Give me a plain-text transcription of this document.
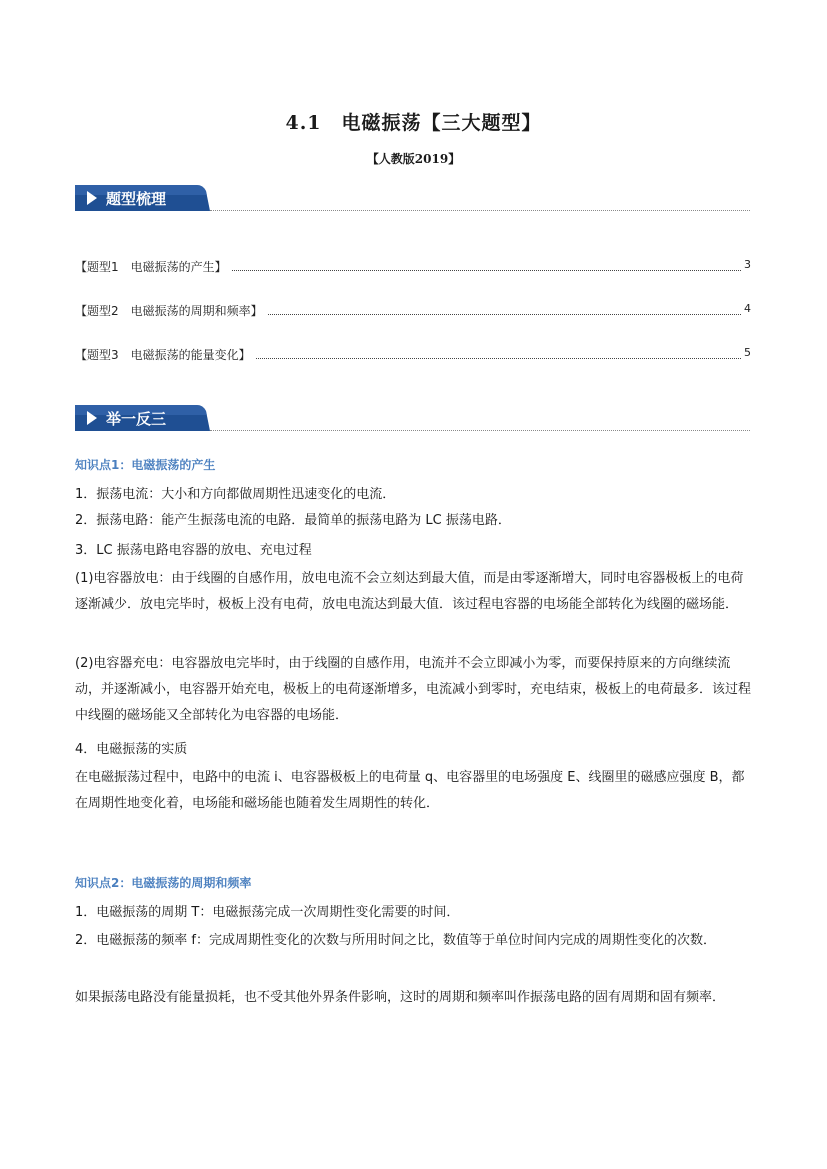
4.1　电磁振荡【三大题型】
【人教版2019】
题型梳理
【题型1　电磁振荡的产生】	3
【题型2　电磁振荡的周期和频率】	4
【题型3　电磁振荡的能量变化】	5
举一反三
知识点1：电磁振荡的产生

1．振荡电流：大小和方向都做周期性迅速变化的电流．

2．振荡电路：能产生振荡电流的电路．最简单的振荡电路为 LC 振荡电路．

3．LC 振荡电路电容器的放电、充电过程

(1)电容器放电：由于线圈的自感作用，放电电流不会立刻达到最大值，而是由零逐渐增大，同时电容器极板上的电荷逐渐减少．放电完毕时，极板上没有电荷，放电电流达到最大值．该过程电容器的电场能全部转化为线圈的磁场能．

(2)电容器充电：电容器放电完毕时，由于线圈的自感作用，电流并不会立即减小为零，而要保持原来的方向继续流动，并逐渐减小，电容器开始充电，极板上的电荷逐渐增多，电流减小到零时，充电结束，极板上的电荷最多．该过程中线圈的磁场能又全部转化为电容器的电场能．

4．电磁振荡的实质

在电磁振荡过程中，电路中的电流 i、电容器极板上的电荷量 q、电容器里的电场强度 E、线圈里的磁感应强度 B，都在周期性地变化着，电场能和磁场能也随着发生周期性的转化．

知识点2：电磁振荡的周期和频率

1．电磁振荡的周期 T：电磁振荡完成一次周期性变化需要的时间．

2．电磁振荡的频率 f：完成周期性变化的次数与所用时间之比，数值等于单位时间内完成的周期性变化的次数．

如果振荡电路没有能量损耗，也不受其他外界条件影响，这时的周期和频率叫作振荡电路的固有周期和固有频率．
